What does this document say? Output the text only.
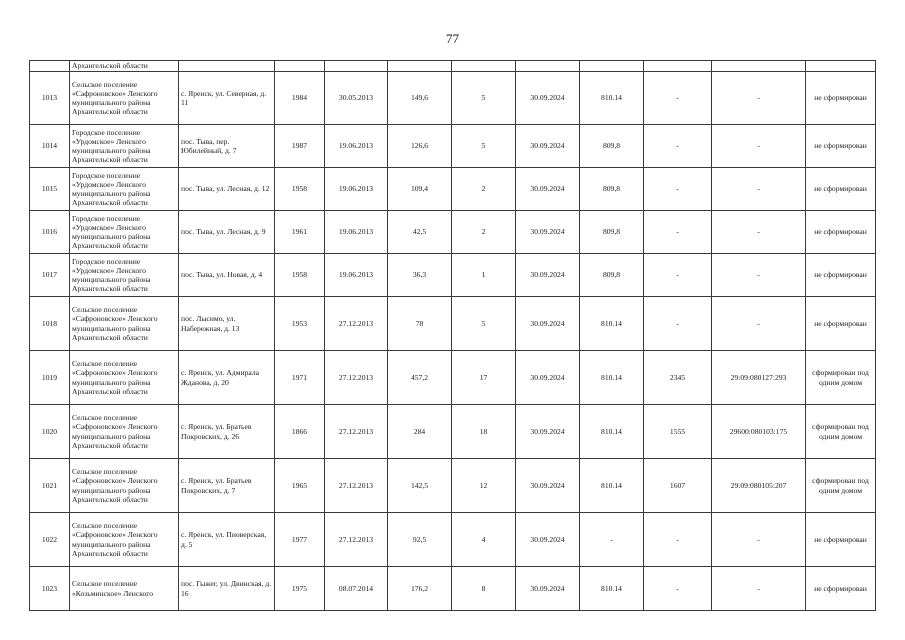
77
	Архангельской области										
1013	Сельское поселение «Сафроновское» Ленского муниципального района Архангельской области	с. Яренск, ул. Северная, д. 11	1984	30.05.2013	149,6	5	30.09.2024	810.14	-	-	не сформирован
1014	Городское поселение «Урдомское» Ленского муниципального района Архангельской области	пос. Тыва, пер. Юбилейный, д. 7	1987	19.06.2013	126,6	5	30.09.2024	809,8	-	-	не сформирован
1015	Городское поселение «Урдомское» Ленского муниципального района Архангельской области	пос. Тыва, ул. Лесная, д. 12	1958	19.06.2013	109,4	2	30.09.2024	809,8	-	-	не сформирован
1016	Городское поселение «Урдомское» Ленского муниципального района Архангельской области	пос. Тыва, ул. Лесная, д. 9	1961	19.06.2013	42,5	2	30.09.2024	809,8	-	-	не сформирован
1017	Городское поселение «Урдомское» Ленского муниципального района Архангельской области	пос. Тыва, ул. Новая, д. 4	1958	19.06.2013	36,3	1	30.09.2024	809,8	-	-	не сформирован
1018	Сельское поселение «Сафроновское» Ленского муниципального района Архангельской области	пос. Лысимо, ул. Набережная, д. 13	1953	27.12.2013	78	5	30.09.2024	810.14	-	-	не сформирован
1019	Сельское поселение «Сафроновское» Ленского муниципального района Архангельской области	с. Яренск, ул. Адмирала Жданова, д. 20	1971	27.12.2013	457,2	17	30.09.2024	810.14	2345	29:09:080127:293	сформирован под одним домом
1020	Сельское поселение «Сафроновское» Ленского муниципального района Архангельской области	с. Яренск, ул. Братьев Покровских, д. 26	1866	27.12.2013	284	18	30.09.2024	810.14	1555	29600:080103:175	сформирован под одним домом
1021	Сельское поселение «Сафроновское» Ленского муниципального района Архангельской области	с. Яренск, ул. Братьев Покровских, д. 7	1965	27.12.2013	142,5	12	30.09.2024	810.14	1607	29:09:080105:207	сформирован под одним домом
1022	Сельское поселение «Сафроновское» Ленского муниципального района Архангельской области	с. Яренск, ул. Пиоверская, д. 5	1977	27.12.2013	92,5	4	30.09.2024	-	-	-	не сформирован
1023	Сельское поселение «Козьминское» Ленского	пос. Гыжег, ул. Двинская, д. 16	1975	08.07.2014	176,2	8	30.09.2024	810.14	-	-	не сформирован
